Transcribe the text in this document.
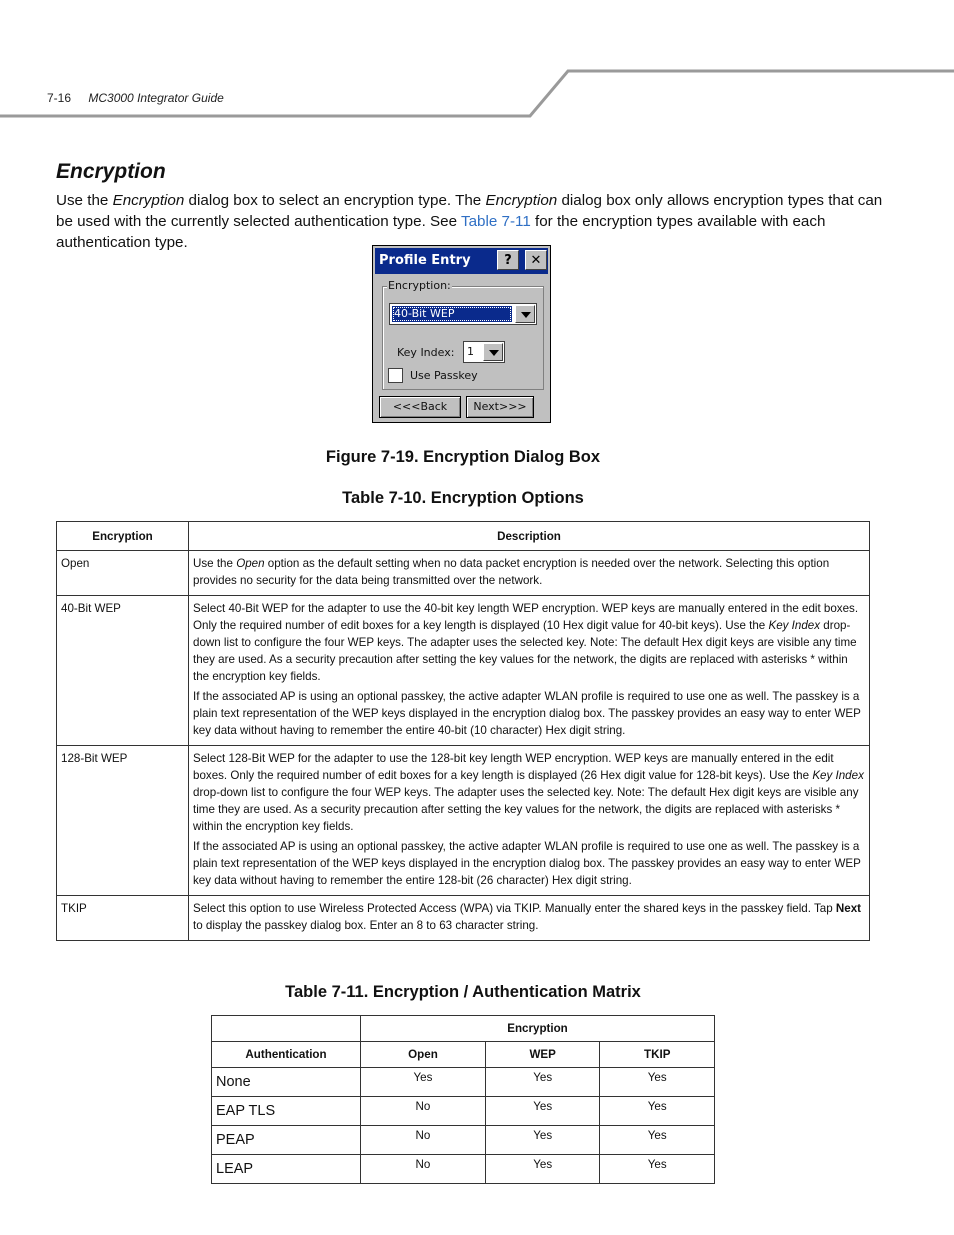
7-16 MC3000 Integrator Guide
Encryption

Use the Encryption dialog box to select an encryption type. The Encryption dialog box only allows encryption types that can be used with the currently selected authentication type. See Table 7-11 for the encryption types available with each authentication type.

Profile Entry	?	✕
Encryption:
40-Bit WEP
Key Index: 1
Use Passkey
<<<Back	Next>>>

Figure 7-19. Encryption Dialog Box

Table 7-10. Encryption Options

Encryption	Description
Open	Use the Open option as the default setting when no data packet encryption is needed over the network. Selecting this option provides no security for the data being transmitted over the network.

40-Bit WEP	Select 40-Bit WEP for the adapter to use the 40-bit key length WEP encryption. WEP keys are manually entered in the edit boxes. Only the required number of edit boxes for a key length is displayed (10 Hex digit value for 40-bit keys). Use the Key Index drop-down list to configure the four WEP keys. The adapter uses the selected key. Note: The default Hex digit keys are visible any time they are used. As a security precaution after setting the key values for the network, the digits are replaced with asterisks * within the encryption key fields.

If the associated AP is using an optional passkey, the active adapter WLAN profile is required to use one as well. The passkey is a plain text representation of the WEP keys displayed in the encryption dialog box. The passkey provides an easy way to enter WEP key data without having to remember the entire 40-bit (10 character) Hex digit string.

128-Bit WEP	Select 128-Bit WEP for the adapter to use the 128-bit key length WEP encryption. WEP keys are manually entered in the edit boxes. Only the required number of edit boxes for a key length is displayed (26 Hex digit value for 128-bit keys). Use the Key Index drop-down list to configure the four WEP keys. The adapter uses the selected key. Note: The default Hex digit keys are visible any time they are used. As a security precaution after setting the key values for the network, the digits are replaced with asterisks * within the encryption key fields.

If the associated AP is using an optional passkey, the active adapter WLAN profile is required to use one as well. The passkey is a plain text representation of the WEP keys displayed in the encryption dialog box. The passkey provides an easy way to enter WEP key data without having to remember the entire 128-bit (26 character) Hex digit string.

TKIP	Select this option to use Wireless Protected Access (WPA) via TKIP. Manually enter the shared keys in the passkey field. Tap Next to display the passkey dialog box. Enter an 8 to 63 character string.

Table 7-11. Encryption / Authentication Matrix

	Encryption		
Authentication	Open	WEP	TKIP
None	Yes	Yes	Yes
EAP TLS	No	Yes	Yes
PEAP	No	Yes	Yes
LEAP	No	Yes	Yes
